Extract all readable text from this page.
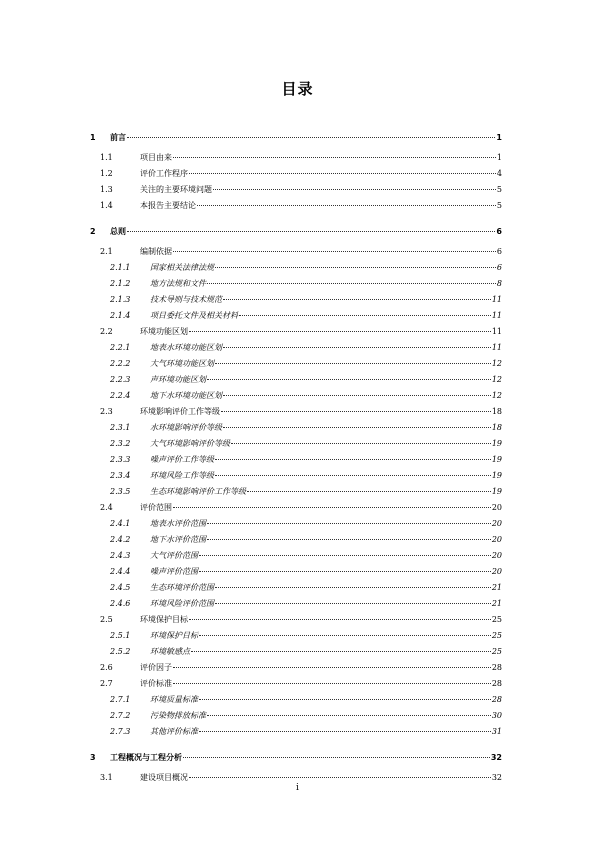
目录
1	前言	1
1.1	项目由来	1
1.2	评价工作程序	4
1.3	关注的主要环境问题	5
1.4	本报告主要结论	5
2	总则	6
2.1	编制依据	6
2.1.1	国家相关法律法规	6
2.1.2	地方法规和文件	8
2.1.3	技术导则与技术规范	11
2.1.4	项目委托文件及相关材料	11
2.2	环境功能区划	11
2.2.1	地表水环境功能区划	11
2.2.2	大气环境功能区划	12
2.2.3	声环境功能区划	12
2.2.4	地下水环境功能区划	12
2.3	环境影响评价工作等级	18
2.3.1	水环境影响评价等级	18
2.3.2	大气环境影响评价等级	19
2.3.3	噪声评价工作等级	19
2.3.4	环境风险工作等级	19
2.3.5	生态环境影响评价工作等级	19
2.4	评价范围	20
2.4.1	地表水评价范围	20
2.4.2	地下水评价范围	20
2.4.3	大气评价范围	20
2.4.4	噪声评价范围	20
2.4.5	生态环境评价范围	21
2.4.6	环境风险评价范围	21
2.5	环境保护目标	25
2.5.1	环境保护目标	25
2.5.2	环境敏感点	25
2.6	评价因子	28
2.7	评价标准	28
2.7.1	环境质量标准	28
2.7.2	污染物排放标准	30
2.7.3	其他评价标准	31
3	工程概况与工程分析	32
3.1	建设项目概况	32
i
